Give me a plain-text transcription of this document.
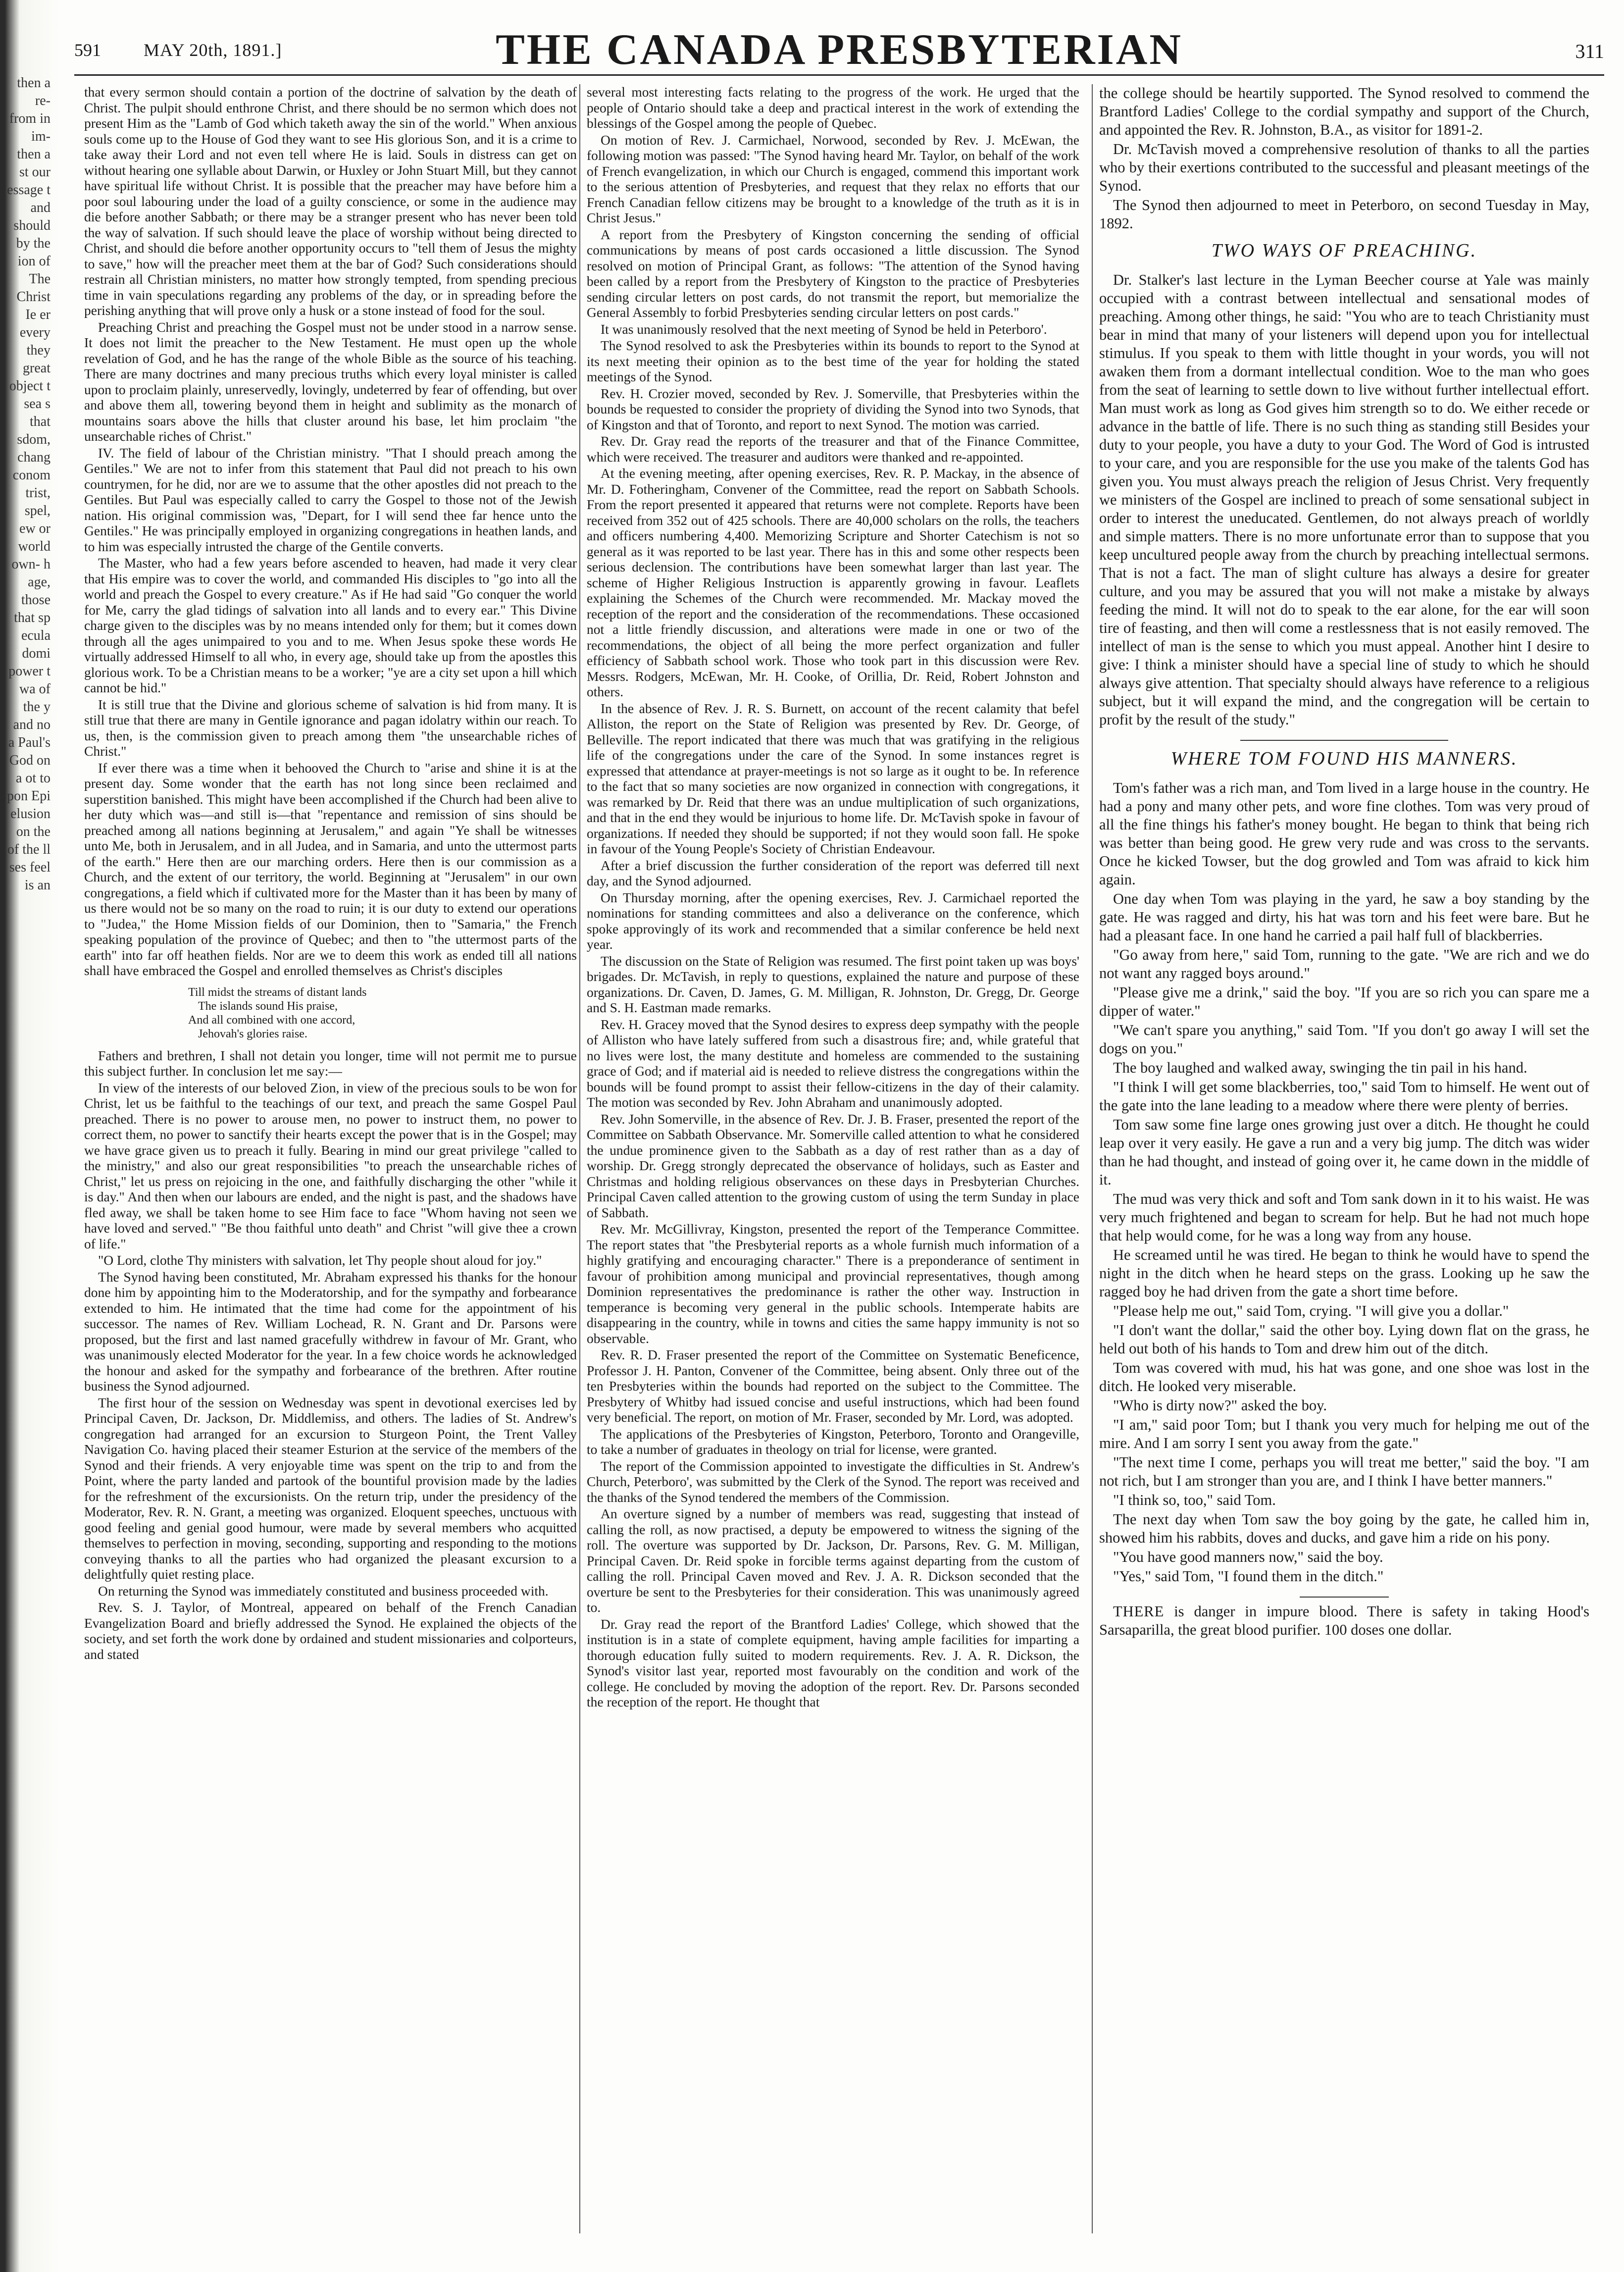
then a re- from in im- then a st our essage t and should by the ion of The Christ Ie er every they great object t sea s that sdom, chang conom trist, spel, ew or world own- h age, those that sp ecula domi power t wa of the y and no a Paul's God on a ot to pon Epi elusion on the of the ll ses feel is an
591 MAY 20th, 1891.]	THE CANADA PRESBYTERIAN	311

that every sermon should contain a portion of the doctrine of salvation by the death of Christ. The pulpit should enthrone Christ, and there should be no sermon which does not present Him as the "Lamb of God which taketh away the sin of the world." When anxious souls come up to the House of God they want to see His glorious Son, and it is a crime to take away their Lord and not even tell where He is laid. Souls in distress can get on without hearing one syllable about Darwin, or Huxley or John Stuart Mill, but they cannot have spiritual life without Christ. It is possible that the preacher may have before him a poor soul labouring under the load of a guilty conscience, or some in the audience may die before another Sabbath; or there may be a stranger present who has never been told the way of salvation. If such should leave the place of worship without being directed to Christ, and should die before another opportunity occurs to "tell them of Jesus the mighty to save," how will the preacher meet them at the bar of God? Such considerations should restrain all Christian ministers, no matter how strongly tempted, from spending precious time in vain speculations regarding any problems of the day, or in spreading before the perishing anything that will prove only a husk or a stone instead of food for the soul.

Preaching Christ and preaching the Gospel must not be under stood in a narrow sense. It does not limit the preacher to the New Testament. He must open up the whole revelation of God, and he has the range of the whole Bible as the source of his teaching. There are many doctrines and many precious truths which every loyal minister is called upon to proclaim plainly, unreservedly, lovingly, undeterred by fear of offending, but over and above them all, towering beyond them in height and sublimity as the monarch of mountains soars above the hills that cluster around his base, let him proclaim "the unsearchable riches of Christ."

IV. The field of labour of the Christian ministry. "That I should preach among the Gentiles." We are not to infer from this statement that Paul did not preach to his own countrymen, for he did, nor are we to assume that the other apostles did not preach to the Gentiles. But Paul was especially called to carry the Gospel to those not of the Jewish nation. His original commission was, "Depart, for I will send thee far hence unto the Gentiles." He was principally employed in organizing congregations in heathen lands, and to him was especially intrusted the charge of the Gentile converts.

The Master, who had a few years before ascended to heaven, had made it very clear that His empire was to cover the world, and commanded His disciples to "go into all the world and preach the Gospel to every creature." As if He had said "Go conquer the world for Me, carry the glad tidings of salvation into all lands and to every ear." This Divine charge given to the disciples was by no means intended only for them; but it comes down through all the ages unimpaired to you and to me. When Jesus spoke these words He virtually addressed Himself to all who, in every age, should take up from the apostles this glorious work. To be a Christian means to be a worker; "ye are a city set upon a hill which cannot be hid."

It is still true that the Divine and glorious scheme of salvation is hid from many. It is still true that there are many in Gentile ignorance and pagan idolatry within our reach. To us, then, is the commission given to preach among them "the unsearchable riches of Christ."

If ever there was a time when it behooved the Church to "arise and shine it is at the present day. Some wonder that the earth has not long since been reclaimed and superstition banished. This might have been accomplished if the Church had been alive to her duty which was—and still is—that "repentance and remission of sins should be preached among all nations beginning at Jerusalem," and again "Ye shall be witnesses unto Me, both in Jerusalem, and in all Judea, and in Samaria, and unto the uttermost parts of the earth." Here then are our marching orders. Here then is our commission as a Church, and the extent of our territory, the world. Beginning at "Jerusalem" in our own congregations, a field which if cultivated more for the Master than it has been by many of us there would not be so many on the road to ruin; it is our duty to extend our operations to "Judea," the Home Mission fields of our Dominion, then to "Samaria," the French speaking population of the province of Quebec; and then to "the uttermost parts of the earth" into far off heathen fields. Nor are we to deem this work as ended till all nations shall have embraced the Gospel and enrolled themselves as Christ's disciples

Till midst the streams of distant lands
The islands sound His praise,
And all combined with one accord,
Jehovah's glories raise.

Fathers and brethren, I shall not detain you longer, time will not permit me to pursue this subject further. In conclusion let me say:—

In view of the interests of our beloved Zion, in view of the precious souls to be won for Christ, let us be faithful to the teachings of our text, and preach the same Gospel Paul preached. There is no power to arouse men, no power to instruct them, no power to correct them, no power to sanctify their hearts except the power that is in the Gospel; may we have grace given us to preach it fully. Bearing in mind our great privilege "called to the ministry," and also our great responsibilities "to preach the unsearchable riches of Christ," let us press on rejoicing in the one, and faithfully discharging the other "while it is day." And then when our labours are ended, and the night is past, and the shadows have fled away, we shall be taken home to see Him face to face "Whom having not seen we have loved and served." "Be thou faithful unto death" and Christ "will give thee a crown of life."

"O Lord, clothe Thy ministers with salvation, let Thy people shout aloud for joy."

The Synod having been constituted, Mr. Abraham expressed his thanks for the honour done him by appointing him to the Moderatorship, and for the sympathy and forbearance extended to him. He intimated that the time had come for the appointment of his successor. The names of Rev. William Lochead, R. N. Grant and Dr. Parsons were proposed, but the first and last named gracefully withdrew in favour of Mr. Grant, who was unanimously elected Moderator for the year. In a few choice words he acknowledged the honour and asked for the sympathy and forbearance of the brethren. After routine business the Synod adjourned.

The first hour of the session on Wednesday was spent in devotional exercises led by Principal Caven, Dr. Jackson, Dr. Middlemiss, and others. The ladies of St. Andrew's congregation had arranged for an excursion to Sturgeon Point, the Trent Valley Navigation Co. having placed their steamer Esturion at the service of the members of the Synod and their friends. A very enjoyable time was spent on the trip to and from the Point, where the party landed and partook of the bountiful provision made by the ladies for the refreshment of the excursionists. On the return trip, under the presidency of the Moderator, Rev. R. N. Grant, a meeting was organized. Eloquent speeches, unctuous with good feeling and genial good humour, were made by several members who acquitted themselves to perfection in moving, seconding, supporting and responding to the motions conveying thanks to all the parties who had organized the pleasant excursion to a delightfully quiet resting place.

On returning the Synod was immediately constituted and business proceeded with.

Rev. S. J. Taylor, of Montreal, appeared on behalf of the French Canadian Evangelization Board and briefly addressed the Synod. He explained the objects of the society, and set forth the work done by ordained and student missionaries and colporteurs, and stated

several most interesting facts relating to the progress of the work. He urged that the people of Ontario should take a deep and practical interest in the work of extending the blessings of the Gospel among the people of Quebec.

On motion of Rev. J. Carmichael, Norwood, seconded by Rev. J. McEwan, the following motion was passed: "The Synod having heard Mr. Taylor, on behalf of the work of French evangelization, in which our Church is engaged, commend this important work to the serious attention of Presbyteries, and request that they relax no efforts that our French Canadian fellow citizens may be brought to a knowledge of the truth as it is in Christ Jesus."

A report from the Presbytery of Kingston concerning the sending of official communications by means of post cards occasioned a little discussion. The Synod resolved on motion of Principal Grant, as follows: "The attention of the Synod having been called by a report from the Presbytery of Kingston to the practice of Presbyteries sending circular letters on post cards, do not transmit the report, but memorialize the General Assembly to forbid Presbyteries sending circular letters on post cards."

It was unanimously resolved that the next meeting of Synod be held in Peterboro'.

The Synod resolved to ask the Presbyteries within its bounds to report to the Synod at its next meeting their opinion as to the best time of the year for holding the stated meetings of the Synod.

Rev. H. Crozier moved, seconded by Rev. J. Somerville, that Presbyteries within the bounds be requested to consider the propriety of dividing the Synod into two Synods, that of Kingston and that of Toronto, and report to next Synod. The motion was carried.

Rev. Dr. Gray read the reports of the treasurer and that of the Finance Committee, which were received. The treasurer and auditors were thanked and re-appointed.

At the evening meeting, after opening exercises, Rev. R. P. Mackay, in the absence of Mr. D. Fotheringham, Convener of the Committee, read the report on Sabbath Schools. From the report presented it appeared that returns were not complete. Reports have been received from 352 out of 425 schools. There are 40,000 scholars on the rolls, the teachers and officers numbering 4,400. Memorizing Scripture and Shorter Catechism is not so general as it was reported to be last year. There has in this and some other respects been serious declension. The contributions have been somewhat larger than last year. The scheme of Higher Religious Instruction is apparently growing in favour. Leaflets explaining the Schemes of the Church were recommended. Mr. Mackay moved the reception of the report and the consideration of the recommendations. These occasioned not a little friendly discussion, and alterations were made in one or two of the recommendations, the object of all being the more perfect organization and fuller efficiency of Sabbath school work. Those who took part in this discussion were Rev. Messrs. Rodgers, McEwan, Mr. H. Cooke, of Orillia, Dr. Reid, Robert Johnston and others.

In the absence of Rev. J. R. S. Burnett, on account of the recent calamity that befel Alliston, the report on the State of Religion was presented by Rev. Dr. George, of Belleville. The report indicated that there was much that was gratifying in the religious life of the congregations under the care of the Synod. In some instances regret is expressed that attendance at prayer-meetings is not so large as it ought to be. In reference to the fact that so many societies are now organized in connection with congregations, it was remarked by Dr. Reid that there was an undue multiplication of such organizations, and that in the end they would be injurious to home life. Dr. McTavish spoke in favour of organizations. If needed they should be supported; if not they would soon fall. He spoke in favour of the Young People's Society of Christian Endeavour.

After a brief discussion the further consideration of the report was deferred till next day, and the Synod adjourned.

On Thursday morning, after the opening exercises, Rev. J. Carmichael reported the nominations for standing committees and also a deliverance on the conference, which spoke approvingly of its work and recommended that a similar conference be held next year.

The discussion on the State of Religion was resumed. The first point taken up was boys' brigades. Dr. McTavish, in reply to questions, explained the nature and purpose of these organizations. Dr. Caven, D. James, G. M. Milligan, R. Johnston, Dr. Gregg, Dr. George and S. H. Eastman made remarks.

Rev. H. Gracey moved that the Synod desires to express deep sympathy with the people of Alliston who have lately suffered from such a disastrous fire; and, while grateful that no lives were lost, the many destitute and homeless are commended to the sustaining grace of God; and if material aid is needed to relieve distress the congregations within the bounds will be found prompt to assist their fellow-citizens in the day of their calamity. The motion was seconded by Rev. John Abraham and unanimously adopted.

Rev. John Somerville, in the absence of Rev. Dr. J. B. Fraser, presented the report of the Committee on Sabbath Observance. Mr. Somerville called attention to what he considered the undue prominence given to the Sabbath as a day of rest rather than as a day of worship. Dr. Gregg strongly deprecated the observance of holidays, such as Easter and Christmas and holding religious observances on these days in Presbyterian Churches. Principal Caven called attention to the growing custom of using the term Sunday in place of Sabbath.

Rev. Mr. McGillivray, Kingston, presented the report of the Temperance Committee. The report states that "the Presbyterial reports as a whole furnish much information of a highly gratifying and encouraging character." There is a preponderance of sentiment in favour of prohibition among municipal and provincial representatives, though among Dominion representatives the predominance is rather the other way. Instruction in temperance is becoming very general in the public schools. Intemperate habits are disappearing in the country, while in towns and cities the same happy immunity is not so observable.

Rev. R. D. Fraser presented the report of the Committee on Systematic Beneficence, Professor J. H. Panton, Convener of the Committee, being absent. Only three out of the ten Presbyteries within the bounds had reported on the subject to the Committee. The Presbytery of Whitby had issued concise and useful instructions, which had been found very beneficial. The report, on motion of Mr. Fraser, seconded by Mr. Lord, was adopted.

The applications of the Presbyteries of Kingston, Peterboro, Toronto and Orangeville, to take a number of graduates in theology on trial for license, were granted.

The report of the Commission appointed to investigate the difficulties in St. Andrew's Church, Peterboro', was submitted by the Clerk of the Synod. The report was received and the thanks of the Synod tendered the members of the Commission.

An overture signed by a number of members was read, suggesting that instead of calling the roll, as now practised, a deputy be empowered to witness the signing of the roll. The overture was supported by Dr. Jackson, Dr. Parsons, Rev. G. M. Milligan, Principal Caven. Dr. Reid spoke in forcible terms against departing from the custom of calling the roll. Principal Caven moved and Rev. J. A. R. Dickson seconded that the overture be sent to the Presbyteries for their consideration. This was unanimously agreed to.

Dr. Gray read the report of the Brantford Ladies' College, which showed that the institution is in a state of complete equipment, having ample facilities for imparting a thorough education fully suited to modern requirements. Rev. J. A. R. Dickson, the Synod's visitor last year, reported most favourably on the condition and work of the college. He concluded by moving the adoption of the report. Rev. Dr. Parsons seconded the reception of the report. He thought that

the college should be heartily supported. The Synod resolved to commend the Brantford Ladies' College to the cordial sympathy and support of the Church, and appointed the Rev. R. Johnston, B.A., as visitor for 1891-2.

Dr. McTavish moved a comprehensive resolution of thanks to all the parties who by their exertions contributed to the successful and pleasant meetings of the Synod.

The Synod then adjourned to meet in Peterboro, on second Tuesday in May, 1892.

TWO WAYS OF PREACHING.

Dr. Stalker's last lecture in the Lyman Beecher course at Yale was mainly occupied with a contrast between intellectual and sensational modes of preaching. Among other things, he said: "You who are to teach Christianity must bear in mind that many of your listeners will depend upon you for intellectual stimulus. If you speak to them with little thought in your words, you will not awaken them from a dormant intellectual condition. Woe to the man who goes from the seat of learning to settle down to live without further intellectual effort. Man must work as long as God gives him strength so to do. We either recede or advance in the battle of life. There is no such thing as standing still Besides your duty to your people, you have a duty to your God. The Word of God is intrusted to your care, and you are responsible for the use you make of the talents God has given you. You must always preach the religion of Jesus Christ. Very frequently we ministers of the Gospel are inclined to preach of some sensational subject in order to interest the uneducated. Gentlemen, do not always preach of worldly and simple matters. There is no more unfortunate error than to suppose that you keep uncultured people away from the church by preaching intellectual sermons. That is not a fact. The man of slight culture has always a desire for greater culture, and you may be assured that you will not make a mistake by always feeding the mind. It will not do to speak to the ear alone, for the ear will soon tire of feasting, and then will come a restlessness that is not easily removed. The intellect of man is the sense to which you must appeal. Another hint I desire to give: I think a minister should have a special line of study to which he should always give attention. That specialty should always have reference to a religious subject, but it will expand the mind, and the congregation will be certain to profit by the result of the study."

WHERE TOM FOUND HIS MANNERS.

Tom's father was a rich man, and Tom lived in a large house in the country. He had a pony and many other pets, and wore fine clothes. Tom was very proud of all the fine things his father's money bought. He began to think that being rich was better than being good. He grew very rude and was cross to the servants. Once he kicked Towser, but the dog growled and Tom was afraid to kick him again.

One day when Tom was playing in the yard, he saw a boy standing by the gate. He was ragged and dirty, his hat was torn and his feet were bare. But he had a pleasant face. In one hand he carried a pail half full of blackberries.

"Go away from here," said Tom, running to the gate. "We are rich and we do not want any ragged boys around."

"Please give me a drink," said the boy. "If you are so rich you can spare me a dipper of water."

"We can't spare you anything," said Tom. "If you don't go away I will set the dogs on you."

The boy laughed and walked away, swinging the tin pail in his hand.

"I think I will get some blackberries, too," said Tom to himself. He went out of the gate into the lane leading to a meadow where there were plenty of berries.

Tom saw some fine large ones growing just over a ditch. He thought he could leap over it very easily. He gave a run and a very big jump. The ditch was wider than he had thought, and instead of going over it, he came down in the middle of it.

The mud was very thick and soft and Tom sank down in it to his waist. He was very much frightened and began to scream for help. But he had not much hope that help would come, for he was a long way from any house.

He screamed until he was tired. He began to think he would have to spend the night in the ditch when he heard steps on the grass. Looking up he saw the ragged boy he had driven from the gate a short time before.

"Please help me out," said Tom, crying. "I will give you a dollar."

"I don't want the dollar," said the other boy. Lying down flat on the grass, he held out both of his hands to Tom and drew him out of the ditch.

Tom was covered with mud, his hat was gone, and one shoe was lost in the ditch. He looked very miserable.

"Who is dirty now?" asked the boy.

"I am," said poor Tom; but I thank you very much for helping me out of the mire. And I am sorry I sent you away from the gate."

"The next time I come, perhaps you will treat me better," said the boy. "I am not rich, but I am stronger than you are, and I think I have better manners."

"I think so, too," said Tom.

The next day when Tom saw the boy going by the gate, he called him in, showed him his rabbits, doves and ducks, and gave him a ride on his pony.

"You have good manners now," said the boy.

"Yes," said Tom, "I found them in the ditch."

THERE is danger in impure blood. There is safety in taking Hood's Sarsaparilla, the great blood purifier. 100 doses one dollar.
